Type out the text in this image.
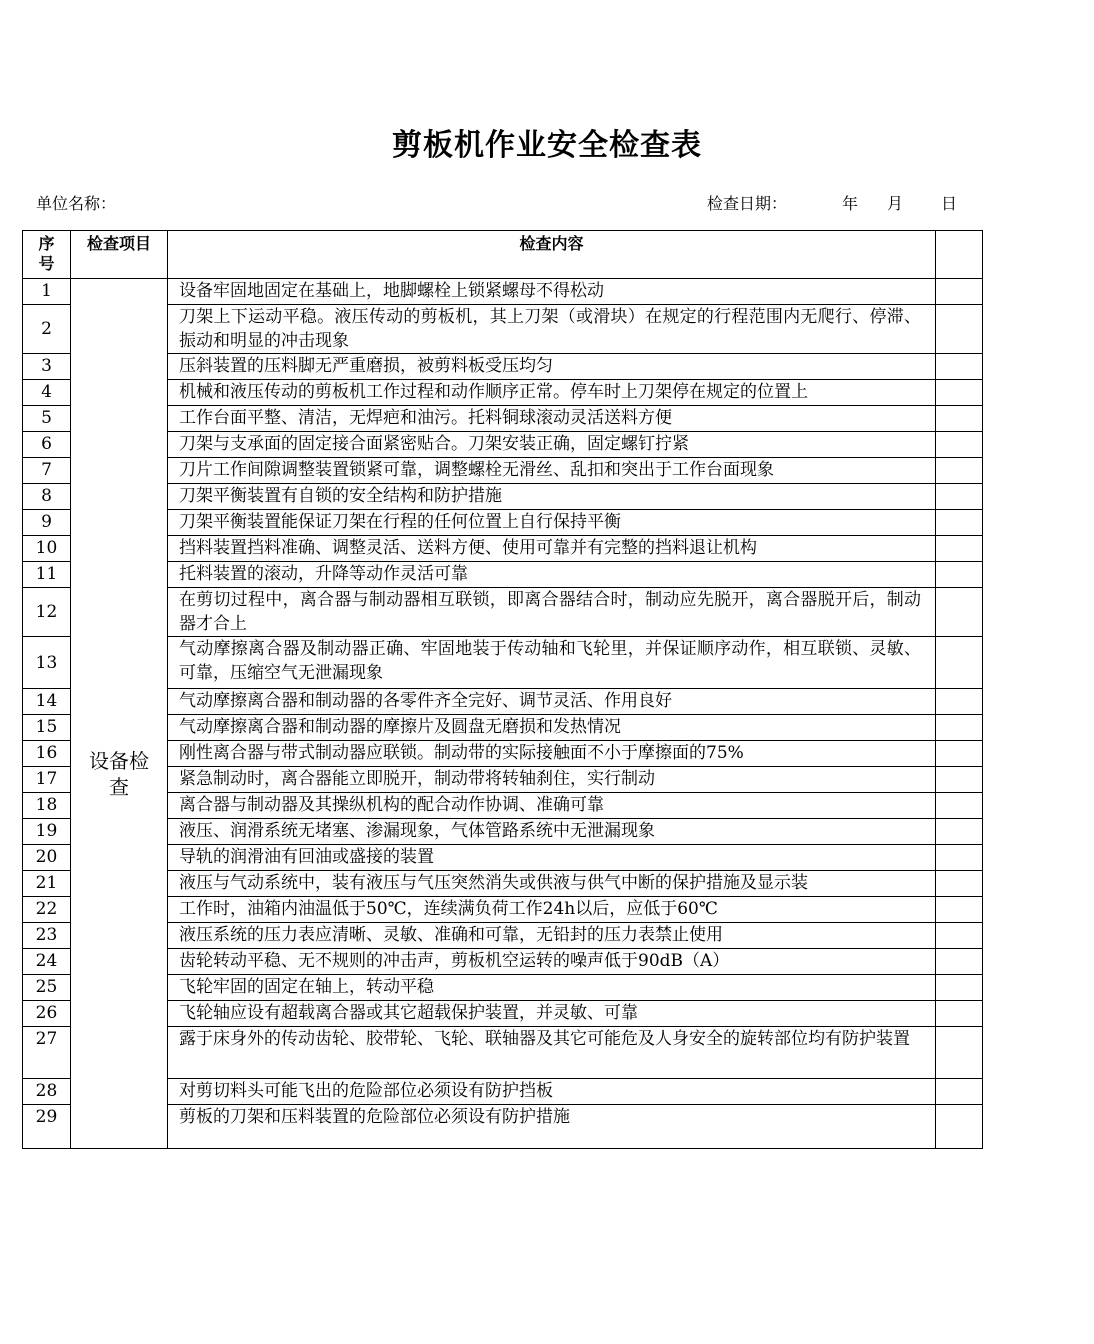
剪板机作业安全检查表
单位名称：	检查日期：	年 月 日
序号	检查项目	检查内容	
1	设备检查	设备牢固地固定在基础上，地脚螺栓上锁紧螺母不得松动	
2		刀架上下运动平稳。液压传动的剪板机，其上刀架（或滑块）在规定的行程范围内无爬行、停滞、振动和明显的冲击现象	
3		压斜装置的压料脚无严重磨损，被剪料板受压均匀	
4		机械和液压传动的剪板机工作过程和动作顺序正常。停车时上刀架停在规定的位置上	
5		工作台面平整、清洁，无焊疤和油污。托料铜球滚动灵活送料方便	
6		刀架与支承面的固定接合面紧密贴合。刀架安装正确，固定螺钉拧紧	
7		刀片工作间隙调整装置锁紧可靠，调整螺栓无滑丝、乱扣和突出于工作台面现象	
8		刀架平衡装置有自锁的安全结构和防护措施	
9		刀架平衡装置能保证刀架在行程的任何位置上自行保持平衡	
10		挡料装置挡料准确、调整灵活、送料方便、使用可靠并有完整的挡料退让机构	
11		托料装置的滚动，升降等动作灵活可靠	
12		在剪切过程中，离合器与制动器相互联锁，即离合器结合时，制动应先脱开，离合器脱开后，制动器才合上	
13		气动摩擦离合器及制动器正确、牢固地装于传动轴和飞轮里，并保证顺序动作，相互联锁、灵敏、可靠，压缩空气无泄漏现象	
14		气动摩擦离合器和制动器的各零件齐全完好、调节灵活、作用良好	
15		气动摩擦离合器和制动器的摩擦片及圆盘无磨损和发热情况	
16		刚性离合器与带式制动器应联锁。制动带的实际接触面不小于摩擦面的75%	
17		紧急制动时，离合器能立即脱开，制动带将转轴刹住，实行制动	
18		离合器与制动器及其操纵机构的配合动作协调、准确可靠	
19		液压、润滑系统无堵塞、渗漏现象，气体管路系统中无泄漏现象	
20		导轨的润滑油有回油或盛接的装置	
21		液压与气动系统中，装有液压与气压突然消失或供液与供气中断的保护措施及显示装	
22		工作时，油箱内油温低于50℃，连续满负荷工作24h以后，应低于60℃	
23		液压系统的压力表应清晰、灵敏、准确和可靠，无铅封的压力表禁止使用	
24		齿轮转动平稳、无不规则的冲击声，剪板机空运转的噪声低于90dB（A）	
25		飞轮牢固的固定在轴上，转动平稳	
26		飞轮轴应设有超载离合器或其它超载保护装置，并灵敏、可靠	
27		露于床身外的传动齿轮、胶带轮、飞轮、联轴器及其它可能危及人身安全的旋转部位均有防护装置	
28		对剪切料头可能飞出的危险部位必须设有防护挡板	
29		剪板的刀架和压料装置的危险部位必须设有防护措施	
